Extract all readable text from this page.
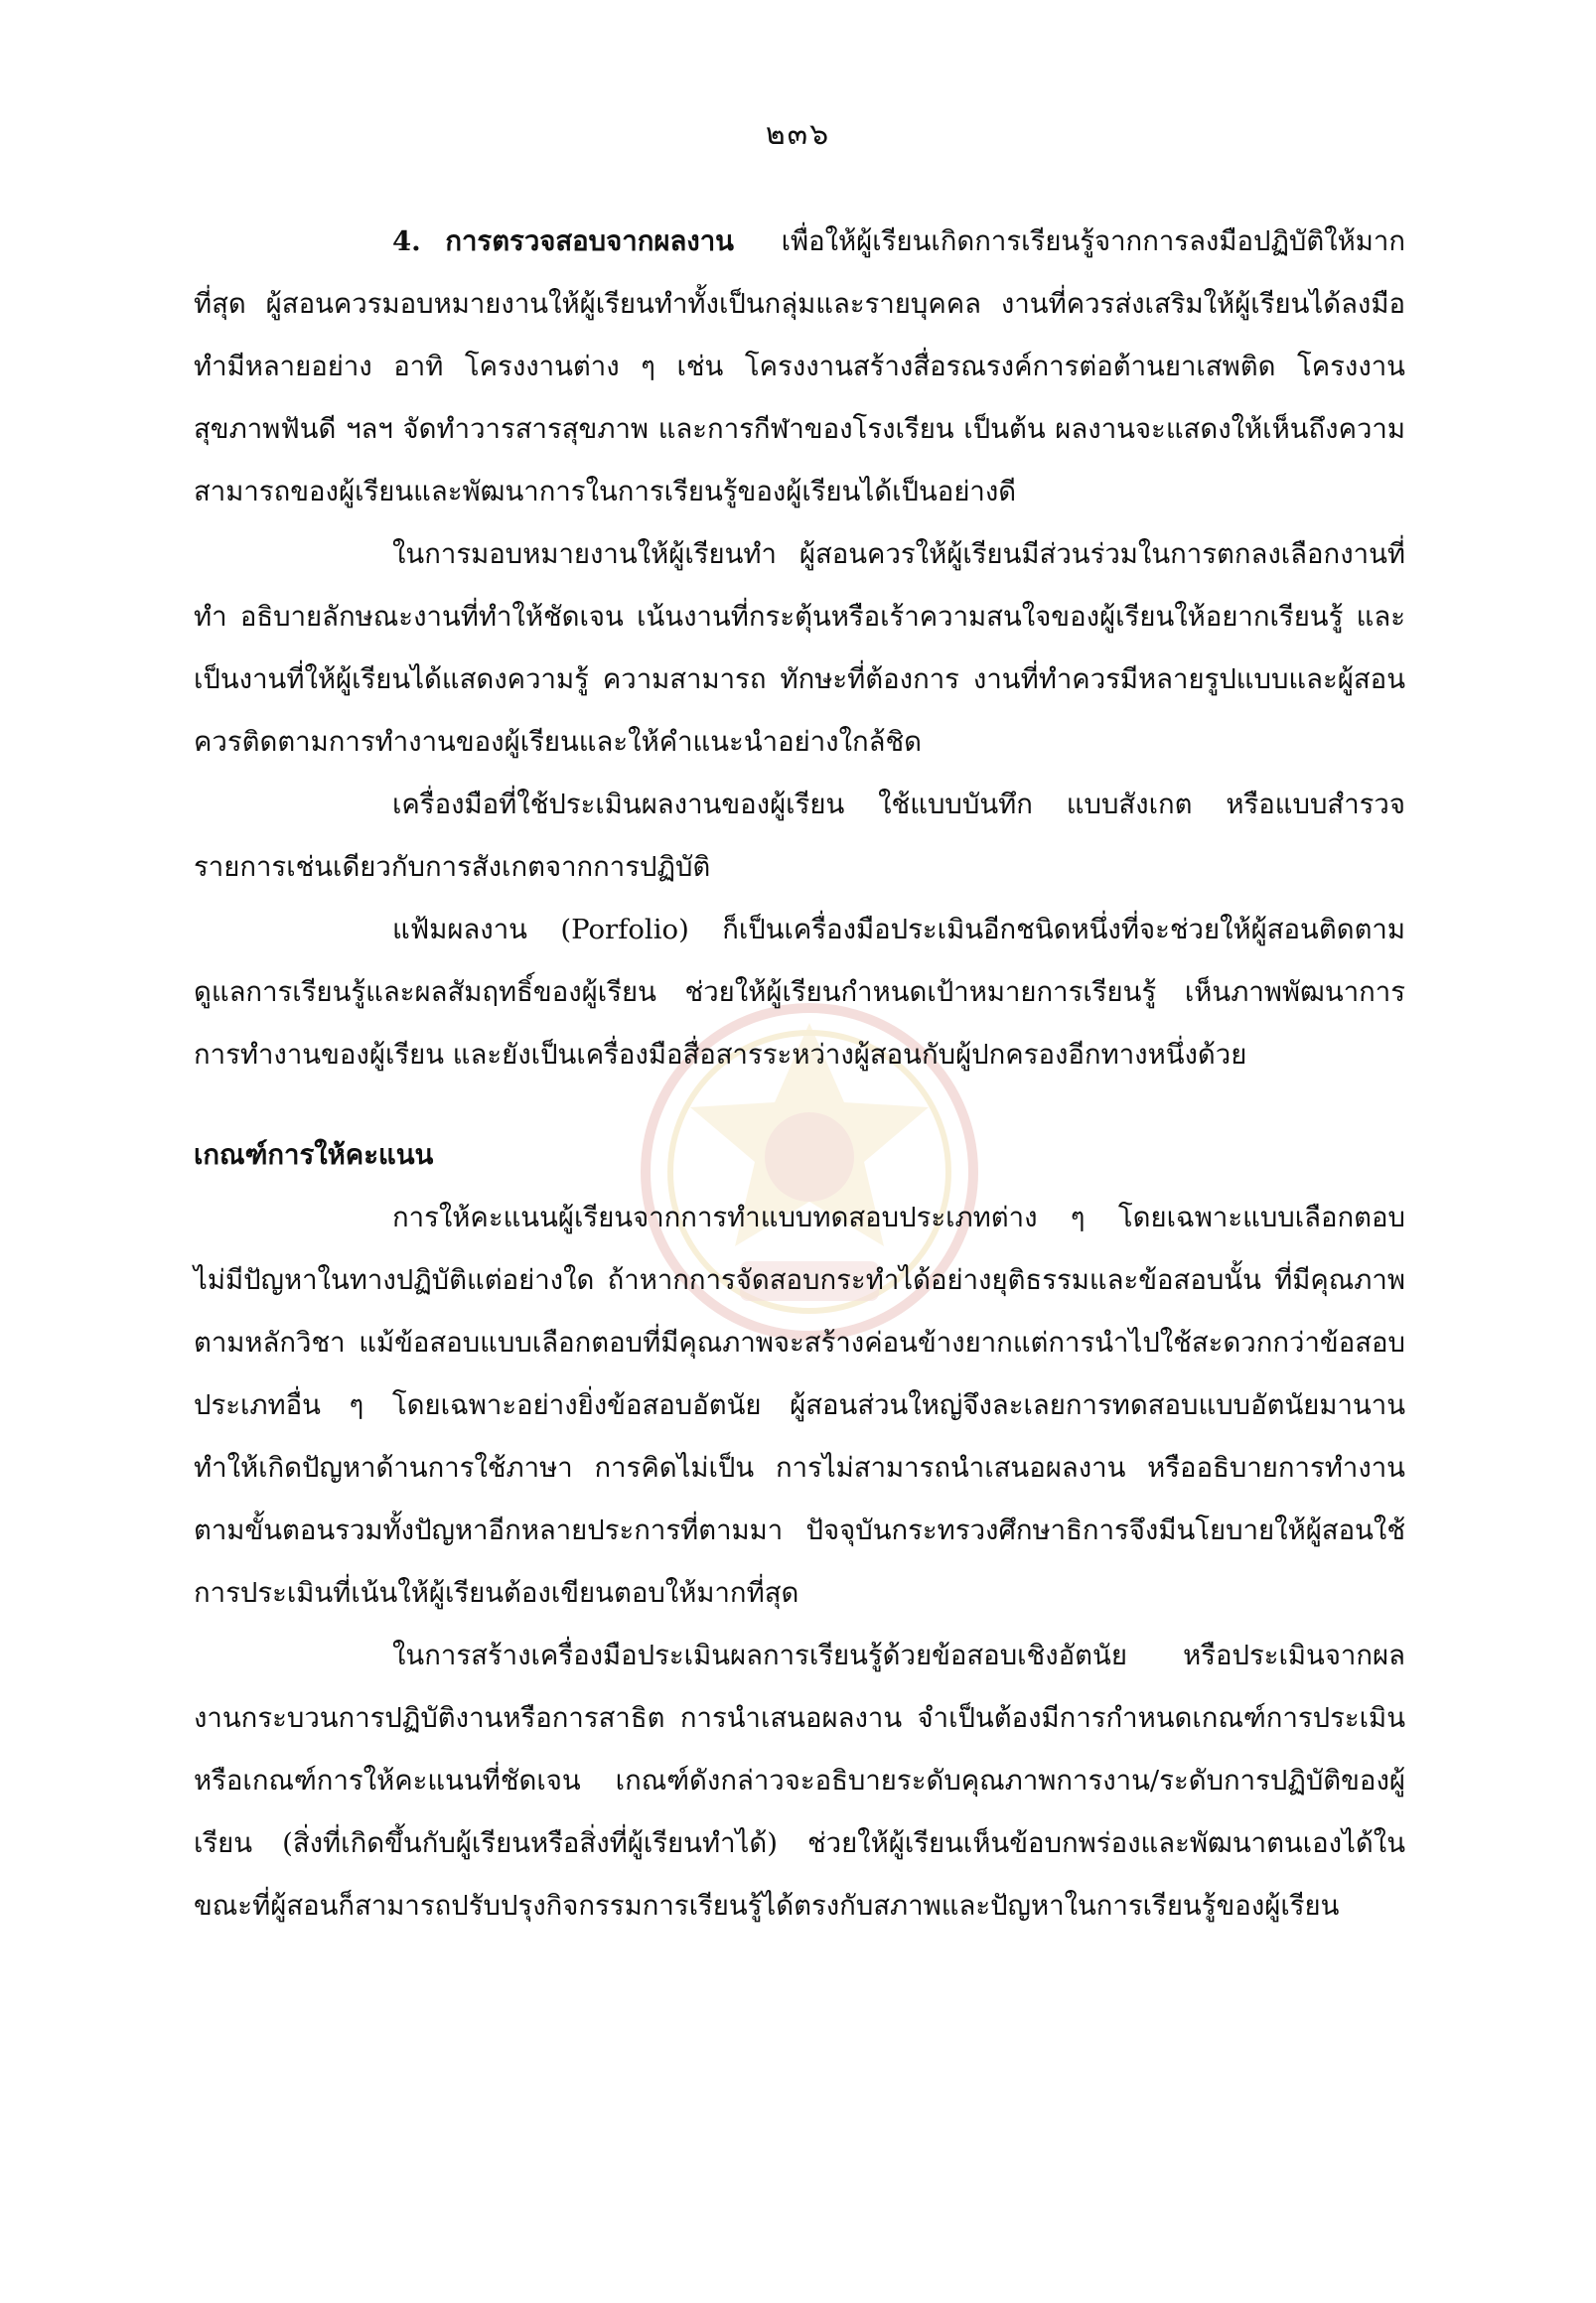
๒๓๖

4. การตรวจสอบจากผลงาน เพื่อให้ผู้เรียนเกิดการเรียนรู้จากการลงมือปฏิบัติให้มากที่สุด ผู้สอนควรมอบหมายงานให้ผู้เรียนทำทั้งเป็นกลุ่มและรายบุคคล งานที่ควรส่งเสริมให้ผู้เรียนได้ลงมือทำมีหลายอย่าง อาทิ โครงงานต่าง ๆ เช่น โครงงานสร้างสื่อรณรงค์การต่อต้านยาเสพติด โครงงานสุขภาพฟันดี ฯลฯ จัดทำวารสารสุขภาพ และการกีฬาของโรงเรียน เป็นต้น ผลงานจะแสดงให้เห็นถึงความสามารถของผู้เรียนและพัฒนาการในการเรียนรู้ของผู้เรียนได้เป็นอย่างดี

ในการมอบหมายงานให้ผู้เรียนทำ ผู้สอนควรให้ผู้เรียนมีส่วนร่วมในการตกลงเลือกงานที่ทำ อธิบายลักษณะงานที่ทำให้ชัดเจน เน้นงานที่กระตุ้นหรือเร้าความสนใจของผู้เรียนให้อยากเรียนรู้ และเป็นงานที่ให้ผู้เรียนได้แสดงความรู้ ความสามารถ ทักษะที่ต้องการ งานที่ทำควรมีหลายรูปแบบและผู้สอนควรติดตามการทำงานของผู้เรียนและให้คำแนะนำอย่างใกล้ชิด

เครื่องมือที่ใช้ประเมินผลงานของผู้เรียน ใช้แบบบันทึก แบบสังเกต หรือแบบสำรวจรายการเช่นเดียวกับการสังเกตจากการปฏิบัติ

แฟ้มผลงาน (Porfolio) ก็เป็นเครื่องมือประเมินอีกชนิดหนึ่งที่จะช่วยให้ผู้สอนติดตามดูแลการเรียนรู้และผลสัมฤทธิ์ของผู้เรียน ช่วยให้ผู้เรียนกำหนดเป้าหมายการเรียนรู้ เห็นภาพพัฒนาการการทำงานของผู้เรียน และยังเป็นเครื่องมือสื่อสารระหว่างผู้สอนกับผู้ปกครองอีกทางหนึ่งด้วย

เกณฑ์การให้คะแนน

การให้คะแนนผู้เรียนจากการทำแบบทดสอบประเภทต่าง ๆ โดยเฉพาะแบบเลือกตอบไม่มีปัญหาในทางปฏิบัติแต่อย่างใด ถ้าหากการจัดสอบกระทำได้อย่างยุติธรรมและข้อสอบนั้น ที่มีคุณภาพตามหลักวิชา แม้ข้อสอบแบบเลือกตอบที่มีคุณภาพจะสร้างค่อนข้างยากแต่การนำไปใช้สะดวกกว่าข้อสอบประเภทอื่น ๆ โดยเฉพาะอย่างยิ่งข้อสอบอัตนัย ผู้สอนส่วนใหญ่จึงละเลยการทดสอบแบบอัตนัยมานาน ทำให้เกิดปัญหาด้านการใช้ภาษา การคิดไม่เป็น การไม่สามารถนำเสนอผลงาน หรืออธิบายการทำงานตามขั้นตอนรวมทั้งปัญหาอีกหลายประการที่ตามมา ปัจจุบันกระทรวงศึกษาธิการจึงมีนโยบายให้ผู้สอนใช้การประเมินที่เน้นให้ผู้เรียนต้องเขียนตอบให้มากที่สุด

ในการสร้างเครื่องมือประเมินผลการเรียนรู้ด้วยข้อสอบเชิงอัตนัย หรือประเมินจากผลงานกระบวนการปฏิบัติงานหรือการสาธิต การนำเสนอผลงาน จำเป็นต้องมีการกำหนดเกณฑ์การประเมินหรือเกณฑ์การให้คะแนนที่ชัดเจน เกณฑ์ดังกล่าวจะอธิบายระดับคุณภาพการงาน/ระดับการปฏิบัติของผู้เรียน (สิ่งที่เกิดขึ้นกับผู้เรียนหรือสิ่งที่ผู้เรียนทำได้) ช่วยให้ผู้เรียนเห็นข้อบกพร่องและพัฒนาตนเองได้ในขณะที่ผู้สอนก็สามารถปรับปรุงกิจกรรมการเรียนรู้ได้ตรงกับสภาพและปัญหาในการเรียนรู้ของผู้เรียน
